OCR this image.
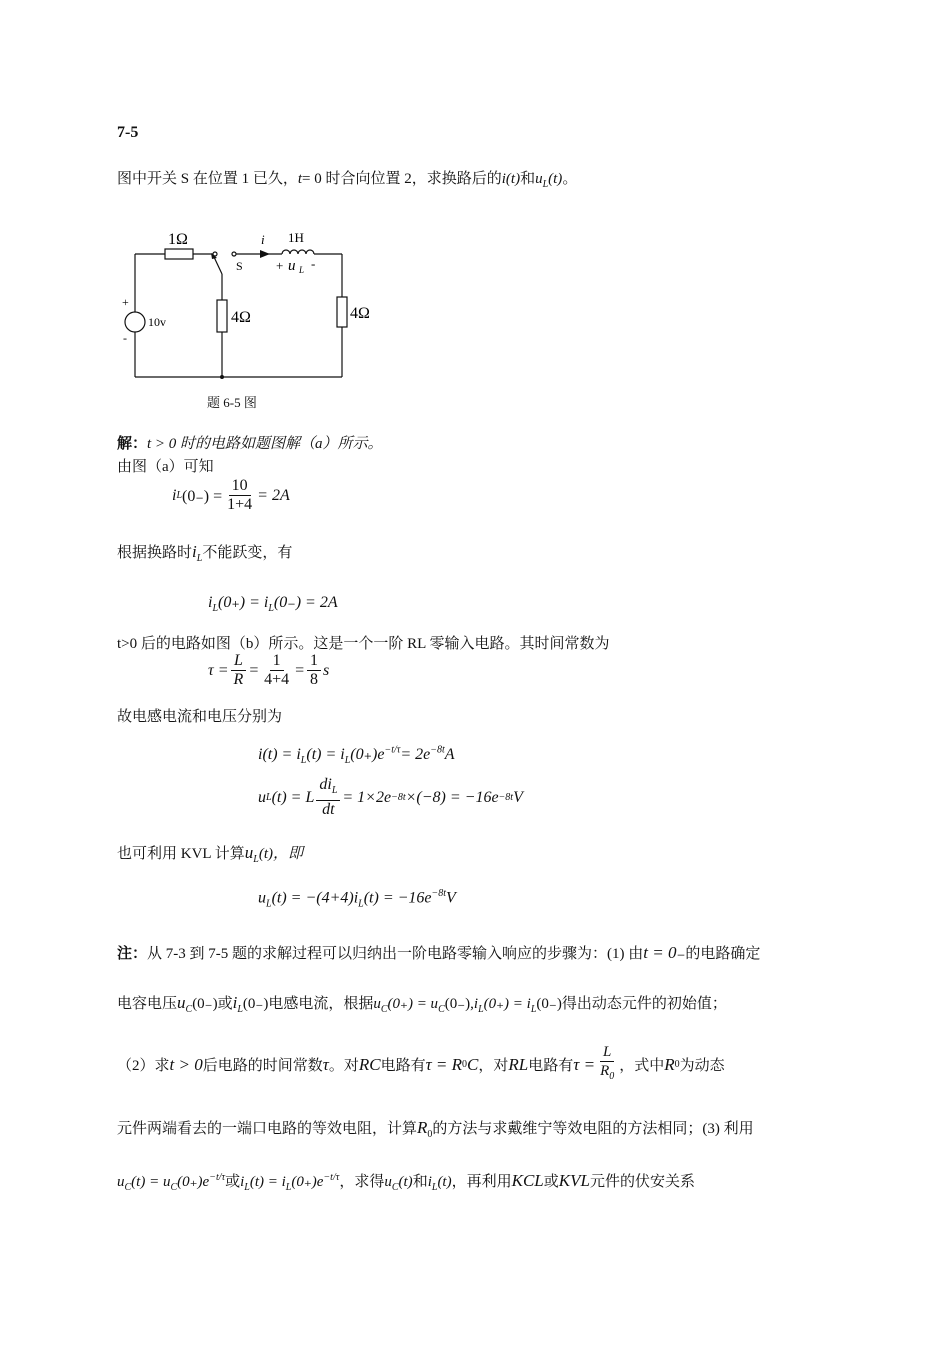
7-5
图中开关 S 在位置 1 已久，t= 0 时合向位置 2，求换路后的i(t)和$u_L(t)$。
1Ω	i 1H
+ u L -
S
10v
+
-
4Ω	4Ω
题 6-5 图
解：t > 0 时的电路如题图解（a）所示。
由图（a）可知
i L $(0_-) = \frac{10}{1+4} = 2A$
根据换路时$i_L$不能跃变，有
$i_L(0_+) = i_L(0_-) = 2A$
t>0 后的电路如图（b）所示。这是一个一阶 RL 零输入电路。其时间常数为
$\tau = \frac{L}{R} = \frac{1}{4+4} = \frac{1}{8}$ s
故电感电流和电压分别为
$i(t) = i_L(t) = i_L(0_+)e^{-t/\tau}= 2e^{-8t}A$
u L (t) = L $\frac{di_L}{dt} = 1\times 2e -8t \times(-8) = -16e -8t$ V
也可利用 KVL 计算$u_L(t)$，即
$u_L(t) = -(4+4)i_L(t) = -16e^{-8t}V$
注：从 7-3 到 7-5 题的求解过程可以归纳出一阶电路零输入响应的步骤为：(1) 由t = 0₋的电路确定
电容电压$u_C(0_-)$或$i_L(0_-)$电感电流，根据$u_C(0_+) = u_C(0_-),i_L(0_+) = i_L(0_-)$得出动态元件的初始值；
（2）求 t > 0 后电路的时间常数 τ 。对 RC 电路有 τ = R 0 C ，对 RL 电路有 $\tau = \frac{L}{R_0}$ ，式中 R 0 为动态
元件两端看去的一端口电路的等效电阻，计算$R_0$的方法与求戴维宁等效电阻的方法相同；(3) 利用
$u_C(t) = u_C(0_+)e^{-t/\tau}$或$i_L(t) = i_L(0_+)e^{-t/\tau}$，求得$u_C(t)$和$i_L(t)$，再利用KCL或KVL元件的伏安关系
